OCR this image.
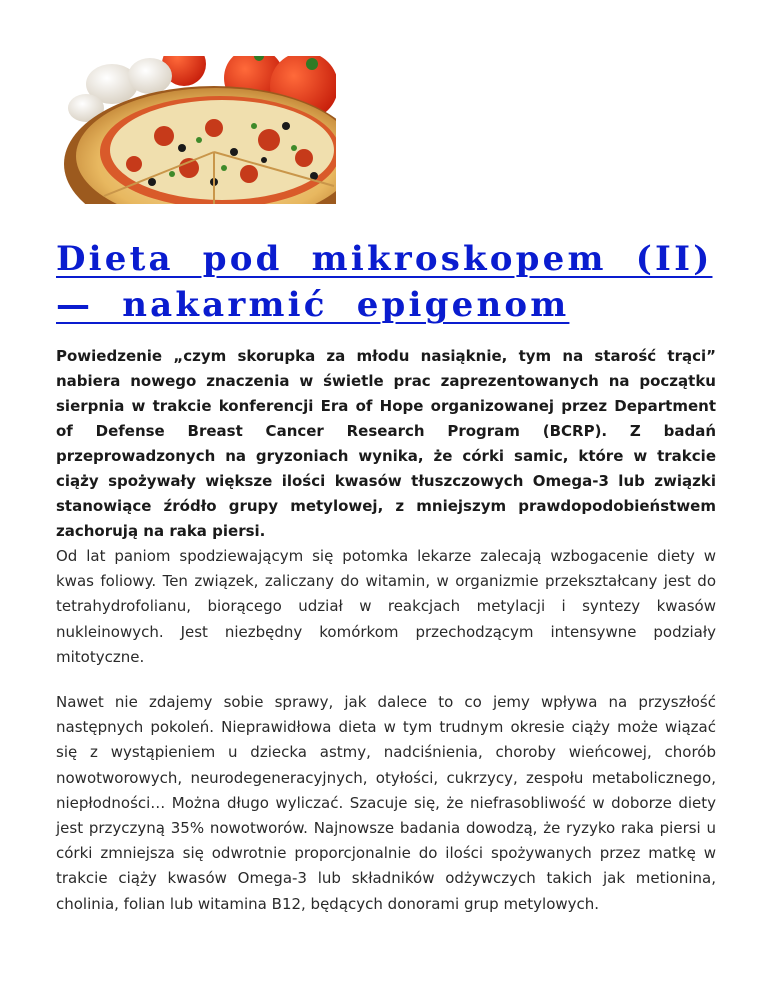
Dieta pod mikroskopem (II) — nakarmić epigenom

Powiedzenie „czym skorupka za młodu nasiąknie, tym na starość trąci” nabiera nowego znaczenia w świetle prac zaprezentowanych na początku sierpnia w trakcie konferencji Era of Hope organizowanej przez Department of Defense Breast Cancer Research Program (BCRP). Z badań przeprowadzonych na gryzoniach wynika, że córki samic, które w trakcie ciąży spożywały większe ilości kwasów tłuszczowych Omega-3 lub związki stanowiące źródło grupy metylowej, z mniejszym prawdopodobieństwem zachorują na raka piersi.

Od lat paniom spodziewającym się potomka lekarze zalecają wzbogacenie diety w kwas foliowy. Ten związek, zaliczany do witamin, w organizmie przekształcany jest do tetrahydrofolianu, biorącego udział w reakcjach metylacji i syntezy kwasów nukleinowych. Jest niezbędny komórkom przechodzącym intensywne podziały mitotyczne.

Nawet nie zdajemy sobie sprawy, jak dalece to co jemy wpływa na przyszłość następnych pokoleń. Nieprawidłowa dieta w tym trudnym okresie ciąży może wiązać się z wystąpieniem u dziecka astmy, nadciśnienia, choroby wieńcowej, chorób nowotworowych, neurodegeneracyjnych, otyłości, cukrzycy, zespołu metabolicznego, niepłodności… Można długo wyliczać. Szacuje się, że niefrasobliwość w doborze diety jest przyczyną 35% nowotworów. Najnowsze badania dowodzą, że ryzyko raka piersi u córki zmniejsza się odwrotnie proporcjonalnie do ilości spożywanych przez matkę w trakcie ciąży kwasów Omega-3 lub składników odżywczych takich jak metionina, cholinia, folian lub witamina B12, będących donorami grup metylowych.
